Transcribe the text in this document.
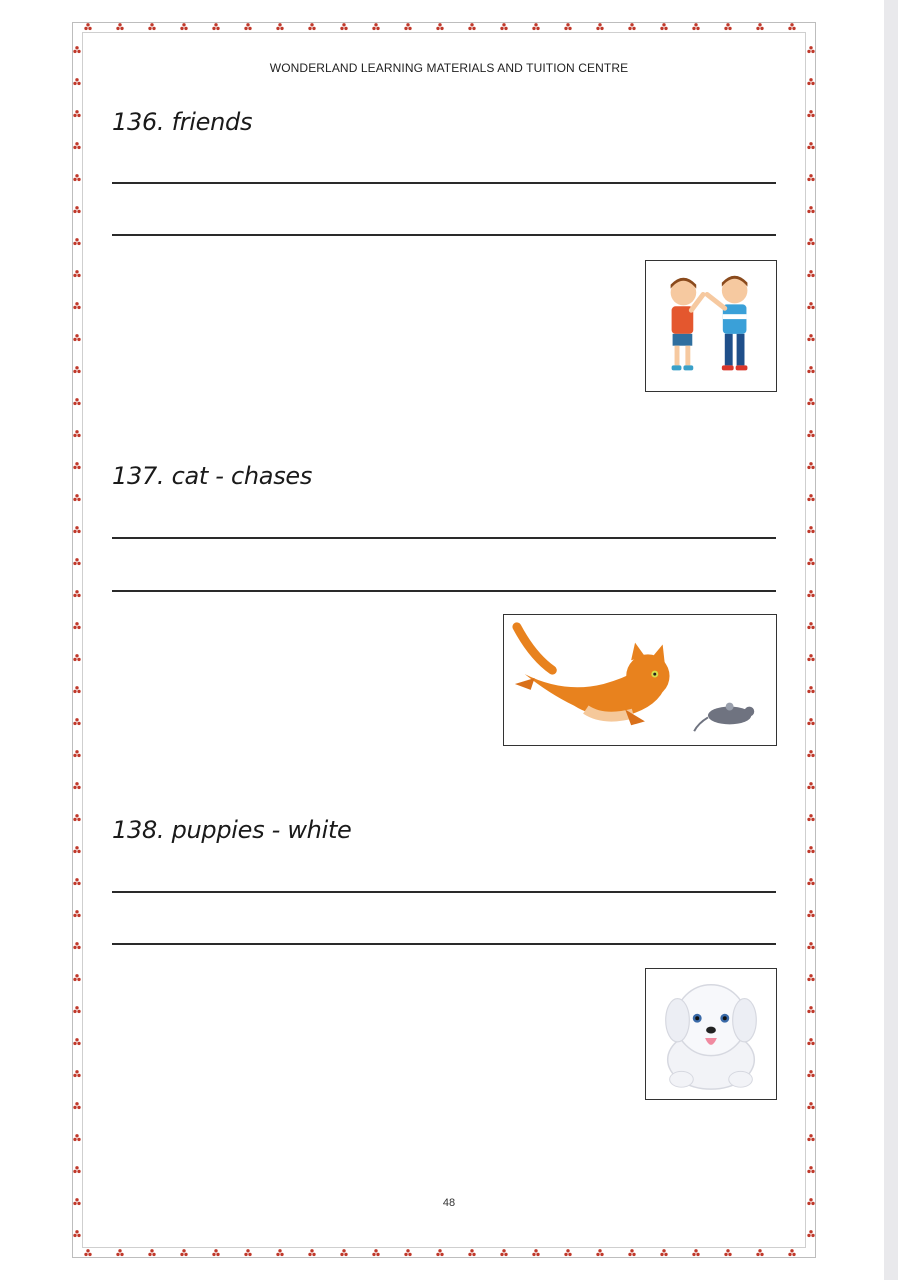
WONDERLAND LEARNING MATERIALS AND TUITION CENTRE
136. friends
137. cat - chases
138. puppies - white
48
